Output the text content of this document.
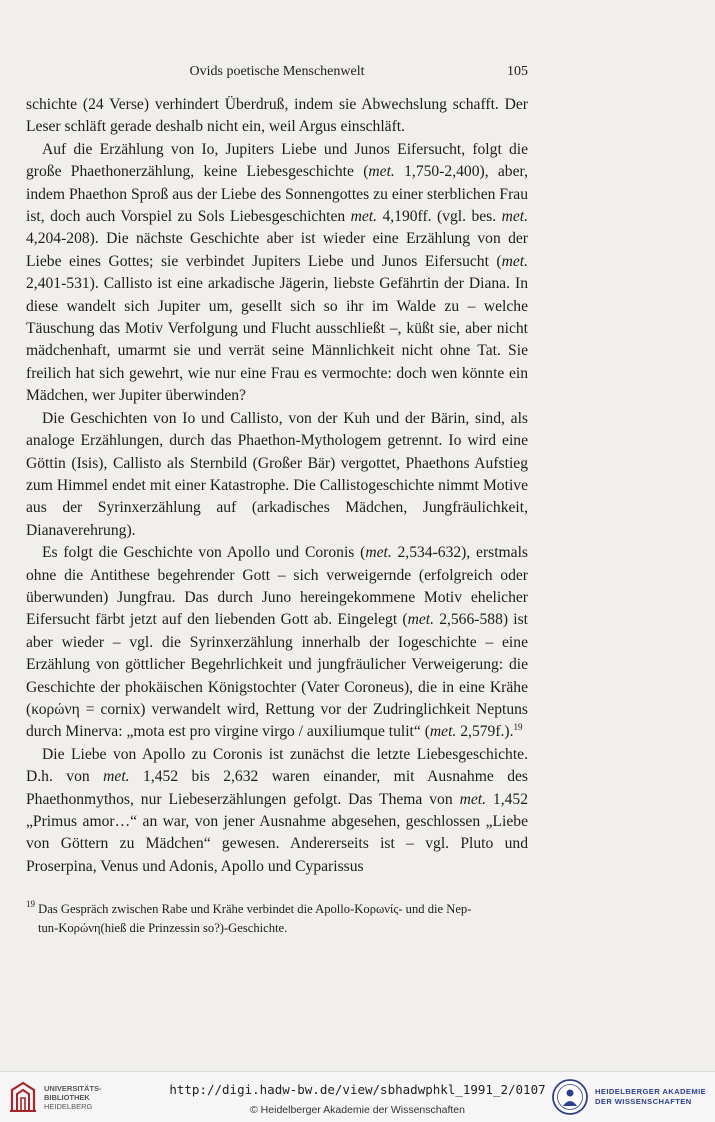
Ovids poetische Menschenwelt	105

schichte (24 Verse) verhindert Überdruß, indem sie Abwechslung schafft. Der Leser schläft gerade deshalb nicht ein, weil Argus einschläft.

Auf die Erzählung von Io, Jupiters Liebe und Junos Eifersucht, folgt die große Phaethonerzählung, keine Liebesgeschichte (met. 1,750-2,400), aber, indem Phaethon Sproß aus der Liebe des Sonnengottes zu einer sterblichen Frau ist, doch auch Vorspiel zu Sols Liebesgeschichten met. 4,190ff. (vgl. bes. met. 4,204-208). Die nächste Geschichte aber ist wieder eine Erzählung von der Liebe eines Gottes; sie verbindet Jupiters Liebe und Junos Eifersucht (met. 2,401-531). Callisto ist eine arkadische Jägerin, liebste Gefährtin der Diana. In diese wandelt sich Jupiter um, gesellt sich so ihr im Walde zu – welche Täuschung das Motiv Verfolgung und Flucht ausschließt –, küßt sie, aber nicht mädchenhaft, umarmt sie und verrät seine Männlichkeit nicht ohne Tat. Sie freilich hat sich gewehrt, wie nur eine Frau es vermochte: doch wen könnte ein Mädchen, wer Jupiter überwinden?

Die Geschichten von Io und Callisto, von der Kuh und der Bärin, sind, als analoge Erzählungen, durch das Phaethon-Mythologem getrennt. Io wird eine Göttin (Isis), Callisto als Sternbild (Großer Bär) vergottet, Phaethons Aufstieg zum Himmel endet mit einer Katastrophe. Die Callistogeschichte nimmt Motive aus der Syrinxerzählung auf (arkadisches Mädchen, Jungfräulichkeit, Dianaverehrung).

Es folgt die Geschichte von Apollo und Coronis (met. 2,534-632), erstmals ohne die Antithese begehrender Gott – sich verweigernde (erfolgreich oder überwunden) Jungfrau. Das durch Juno hereingekommene Motiv ehelicher Eifersucht färbt jetzt auf den liebenden Gott ab. Eingelegt (met. 2,566-588) ist aber wieder – vgl. die Syrinxerzählung innerhalb der Iogeschichte – eine Erzählung von göttlicher Begehrlichkeit und jungfräulicher Verweigerung: die Geschichte der phokäischen Königstochter (Vater Coroneus), die in eine Krähe (κορώνη = cornix) verwandelt wird, Rettung vor der Zudringlichkeit Neptuns durch Minerva: „mota est pro virgine virgo / auxiliumque tulit“ (met. 2,579f.).$^{19}$

Die Liebe von Apollo zu Coronis ist zunächst die letzte Liebesgeschichte. D.h. von met. 1,452 bis 2,632 waren einander, mit Ausnahme des Phaethonmythos, nur Liebeserzählungen gefolgt. Das Thema von met. 1,452 „Primus amor…“ an war, von jener Ausnahme abgesehen, geschlossen „Liebe von Göttern zu Mädchen“ gewesen. Andererseits ist – vgl. Pluto und Proserpina, Venus und Adonis, Apollo und Cyparissus

$^{19}$ Das Gespräch zwischen Rabe und Krähe verbindet die Apollo-Κορωνίς- und die Nep-
tun-Κορώνη(hieß die Prinzessin so?)-Geschichte.
UNIVERSITÄTS-
BIBLIOTHEK
HEIDELBERG
http://digi.hadw-bw.de/view/sbhadwphkl_1991_2/0107
© Heidelberger Akademie der Wissenschaften
HEIDELBERGER AKADEMIE
DER WISSENSCHAFTEN
